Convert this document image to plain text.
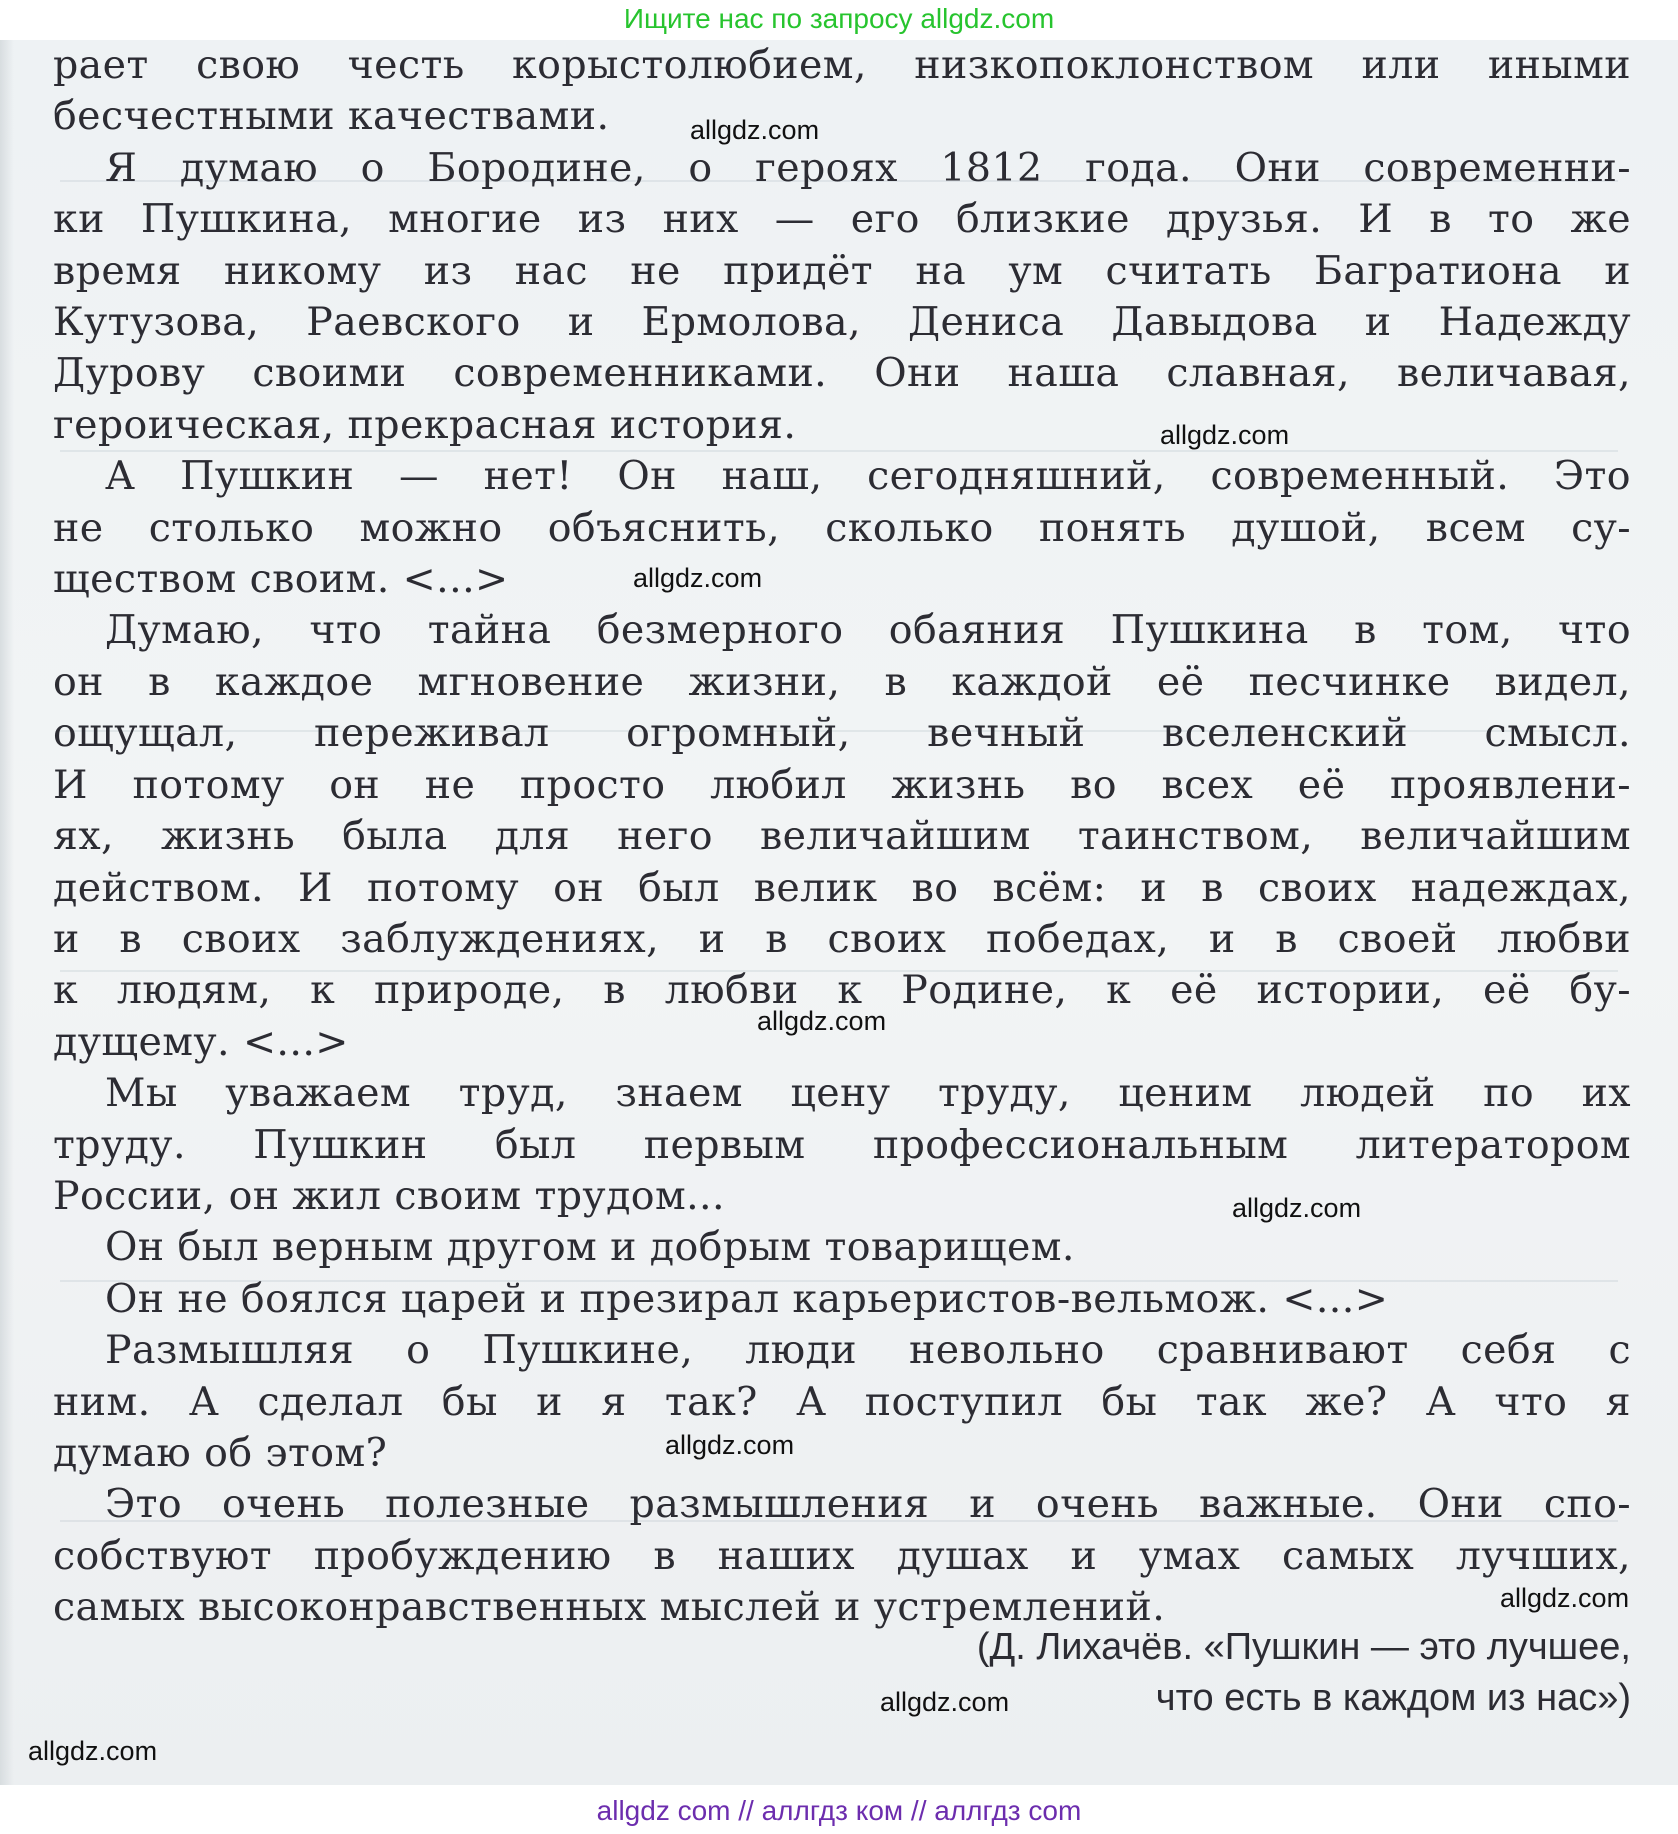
Ищите нас по запросу allgdz.com
рает свою честь корыстолюбием, низкопоклонством или иными
бесчестными качествами.
Я думаю о Бородине, о героях 1812 года. Они современни-
ки Пушкина, многие из них — его близкие друзья. И в то же
время никому из нас не придёт на ум считать Багратиона и
Кутузова, Раевского и Ермолова, Дениса Давыдова и Надежду
Дурову своими современниками. Они наша славная, величавая,
героическая, прекрасная история.
А Пушкин — нет! Он наш, сегодняшний, современный. Это
не столько можно объяснить, сколько понять душой, всем су-
ществом своим. <...>
Думаю, что тайна безмерного обаяния Пушкина в том, что
он в каждое мгновение жизни, в каждой её песчинке видел,
ощущал, переживал огромный, вечный вселенский смысл.
И потому он не просто любил жизнь во всех её проявлени-
ях, жизнь была для него величайшим таинством, величайшим
действом. И потому он был велик во всём: и в своих надеждах,
и в своих заблуждениях, и в своих победах, и в своей любви
к людям, к природе, в любви к Родине, к её истории, её бу-
дущему. <...>
Мы уважаем труд, знаем цену труду, ценим людей по их
труду. Пушкин был первым профессиональным литератором
России, он жил своим трудом...
Он был верным другом и добрым товарищем.
Он не боялся царей и презирал карьеристов-вельмож. <...>
Размышляя о Пушкине, люди невольно сравнивают себя с
ним. А сделал бы и я так? А поступил бы так же? А что я
думаю об этом?
Это очень полезные размышления и очень важные. Они спо-
собствуют пробуждению в наших душах и умах самых лучших,
самых высоконравственных мыслей и устремлений.
(Д. Лихачёв. «Пушкин — это лучшее,
что есть в каждом из нас»)
allgdz.com
allgdz.com
allgdz.com
allgdz.com
allgdz.com
allgdz.com
allgdz.com
allgdz.com
allgdz.com
allgdz com // аллгдз ком // аллгдз com
